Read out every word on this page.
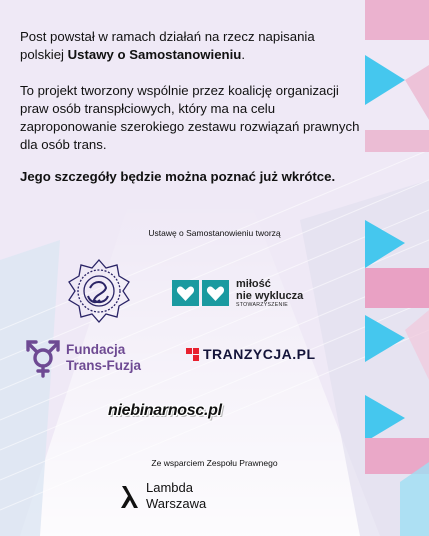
Post powstał w ramach działań na rzecz napisania polskiej Ustawy o Samostanowieniu.

To projekt tworzony wspólnie przez koalicję organizacji praw osób transpłciowych, który ma na celu zaproponowanie szerokiego zestawu rozwiązań prawnych dla osób trans.

Jego szczegóły będzie można poznać już wkrótce.

Ustawę o Samostanowieniu tworzą
miłość
nie wyklucza
STOWARZYSZENIE
Fundacja
Trans-Fuzja
TRANZYCJA.PL
niebinarnosc.pl
Ze wsparciem Zespołu Prawnego
Lambda
Warszawa
